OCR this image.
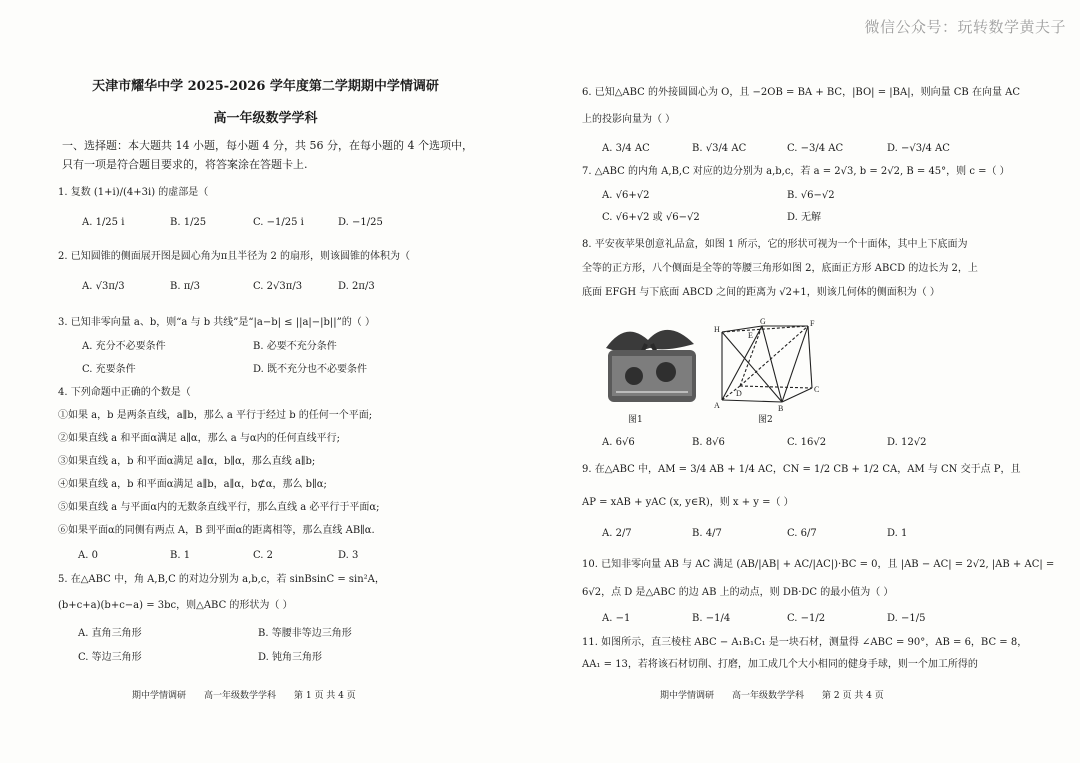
微信公众号：玩转数学黄夫子

天津市耀华中学 2025-2026 学年度第二学期期中学情调研

高一年级数学学科

一、选择题：本大题共 14 小题，每小题 4 分，共 56 分，在每小题的 4 个选项中，只有一项是符合题目要求的，将答案涂在答题卡上.
1. 复数 (1+i)/(4+3i) 的虚部是（
A. 1/25 i	B. 1/25	C. −1/25 i	D. −1/25
2. 已知圆锥的侧面展开图是圆心角为π且半径为 2 的扇形，则该圆锥的体积为（
A. √3π/3	B. π/3	C. 2√3π/3	D. 2π/3
3. 已知非零向量 a、b，则“a 与 b 共线”是“|a−b| ≤ ||a|−|b||”的（ ）
A. 充分不必要条件	B. 必要不充分条件
C. 充要条件	D. 既不充分也不必要条件
4. 下列命题中正确的个数是（
①如果 a，b 是两条直线，a∥b，那么 a 平行于经过 b 的任何一个平面;
②如果直线 a 和平面α满足 a∥α，那么 a 与α内的任何直线平行;
③如果直线 a，b 和平面α满足 a∥α，b∥α，那么直线 a∥b;
④如果直线 a，b 和平面α满足 a∥b，a∥α，b⊄α，那么 b∥α;
⑤如果直线 a 与平面α内的无数条直线平行，那么直线 a 必平行于平面α;
⑥如果平面α的同侧有两点 A，B 到平面α的距离相等，那么直线 AB∥α.
A. 0	B. 1	C. 2	D. 3
5. 在△ABC 中，角 A,B,C 的对边分别为 a,b,c，若 sinBsinC = sin²A，
(b+c+a)(b+c−a) = 3bc，则△ABC 的形状为（ ）
A. 直角三角形	B. 等腰非等边三角形
C. 等边三角形	D. 钝角三角形
期中学情调研　　高一年级数学学科　　第 1 页 共 4 页
6. 已知△ABC 的外接圆圆心为 O，且 −2OB = BA + BC，|BO| = |BA|，则向量 CB 在向量 AC
上的投影向量为（ ）
A. 3/4 AC	B. √3/4 AC	C. −3/4 AC	D. −√3/4 AC
7. △ABC 的内角 A,B,C 对应的边分别为 a,b,c，若 a = 2√3, b = 2√2, B = 45°，则 c =（ ）
A. √6+√2	B. √6−√2
C. √6+√2 或 √6−√2	D. 无解
8. 平安夜苹果创意礼品盒，如图 1 所示，它的形状可视为一个十面体，其中上下底面为
全等的正方形，八个侧面是全等的等腰三角形如图 2，底面正方形 ABCD 的边长为 2，上
底面 EFGH 与下底面 ABCD 之间的距离为 √2+1，则该几何体的侧面积为（ ）
图1
H
G	F
A	B
C
D
E
图2
A. 6√6	B. 8√6	C. 16√2	D. 12√2
9. 在△ABC 中，AM = 3/4 AB + 1/4 AC，CN = 1/2 CB + 1/2 CA，AM 与 CN 交于点 P，且
AP = xAB + yAC (x, y∈R)，则 x + y =（ ）
A. 2/7	B. 4/7	C. 6/7	D. 1
10. 已知非零向量 AB 与 AC 满足 (AB/|AB| + AC/|AC|)·BC = 0，且 |AB − AC| = 2√2, |AB + AC| =
6√2，点 D 是△ABC 的边 AB 上的动点，则 DB·DC 的最小值为（ ）
A. −1	B. −1/4	C. −1/2	D. −1/5
11. 如图所示，直三棱柱 ABC − A₁B₁C₁ 是一块石材，测量得 ∠ABC = 90°，AB = 6，BC = 8，
AA₁ = 13，若将该石材切削、打磨，加工成几个大小相同的健身手球，则一个加工所得的
期中学情调研　　高一年级数学学科　　第 2 页 共 4 页
